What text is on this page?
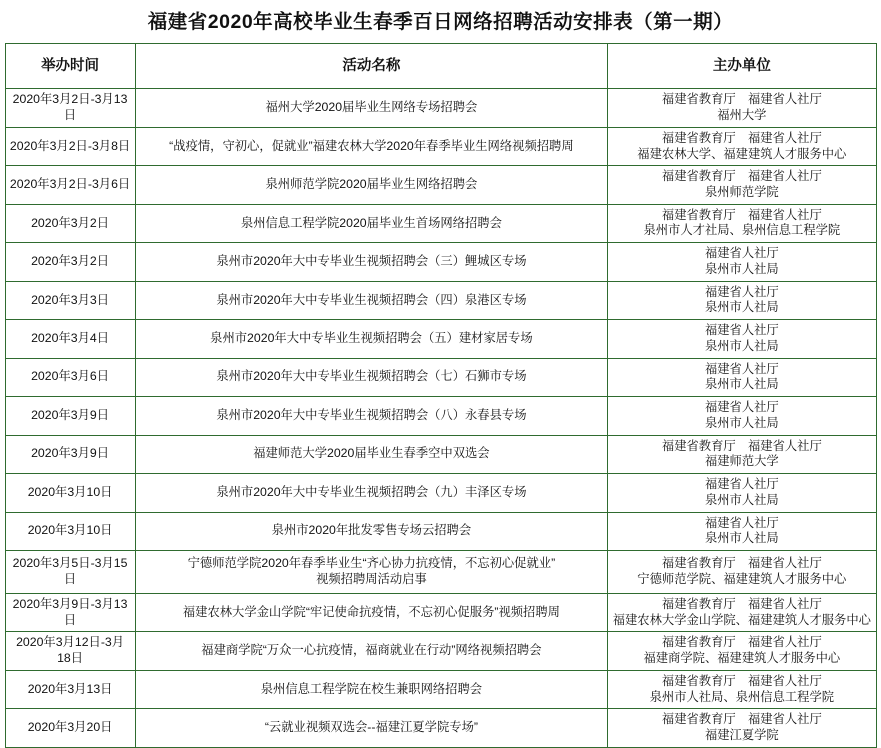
福建省2020年高校毕业生春季百日网络招聘活动安排表（第一期）
举办时间	活动名称	主办单位
2020年3月2日-3月13日	福州大学2020届毕业生网络专场招聘会	福建省教育厅　福建省人社厅
福州大学

2020年3月2日-3月8日	“战疫情，守初心，促就业”福建农林大学2020年春季毕业生网络视频招聘周	福建省教育厅　福建省人社厅
福建农林大学、福建建筑人才服务中心

2020年3月2日-3月6日	泉州师范学院2020届毕业生网络招聘会	福建省教育厅　福建省人社厅
泉州师范学院

2020年3月2日	泉州信息工程学院2020届毕业生首场网络招聘会	福建省教育厅　福建省人社厅
泉州市人才社局、泉州信息工程学院

2020年3月2日	泉州市2020年大中专毕业生视频招聘会（三）鲤城区专场	福建省人社厅
泉州市人社局

2020年3月3日	泉州市2020年大中专毕业生视频招聘会（四）泉港区专场	福建省人社厅
泉州市人社局

2020年3月4日	泉州市2020年大中专毕业生视频招聘会（五）建材家居专场	福建省人社厅
泉州市人社局

2020年3月6日	泉州市2020年大中专毕业生视频招聘会（七）石狮市专场	福建省人社厅
泉州市人社局

2020年3月9日	泉州市2020年大中专毕业生视频招聘会（八）永春县专场	福建省人社厅
泉州市人社局

2020年3月9日	福建师范大学2020届毕业生春季空中双选会	福建省教育厅　福建省人社厅
福建师范大学

2020年3月10日	泉州市2020年大中专毕业生视频招聘会（九）丰泽区专场	福建省人社厅
泉州市人社局

2020年3月10日	泉州市2020年批发零售专场云招聘会	福建省人社厅
泉州市人社局

2020年3月5日-3月15日	宁德师范学院2020年春季毕业生“齐心协力抗疫情，不忘初心促就业”
视频招聘周活动启事	福建省教育厅　福建省人社厅
宁德师范学院、福建建筑人才服务中心

2020年3月9日-3月13日	福建农林大学金山学院“牢记使命抗疫情，不忘初心促服务”视频招聘周	福建省教育厅　福建省人社厅
福建农林大学金山学院、福建建筑人才服务中心

2020年3月12日-3月18日	福建商学院“万众一心抗疫情，福商就业在行动”网络视频招聘会	福建省教育厅　福建省人社厅
福建商学院、福建建筑人才服务中心

2020年3月13日	泉州信息工程学院在校生兼职网络招聘会	福建省教育厅　福建省人社厅
泉州市人社局、泉州信息工程学院

2020年3月20日	“云就业视频双选会--福建江夏学院专场”	福建省教育厅　福建省人社厅
福建江夏学院
